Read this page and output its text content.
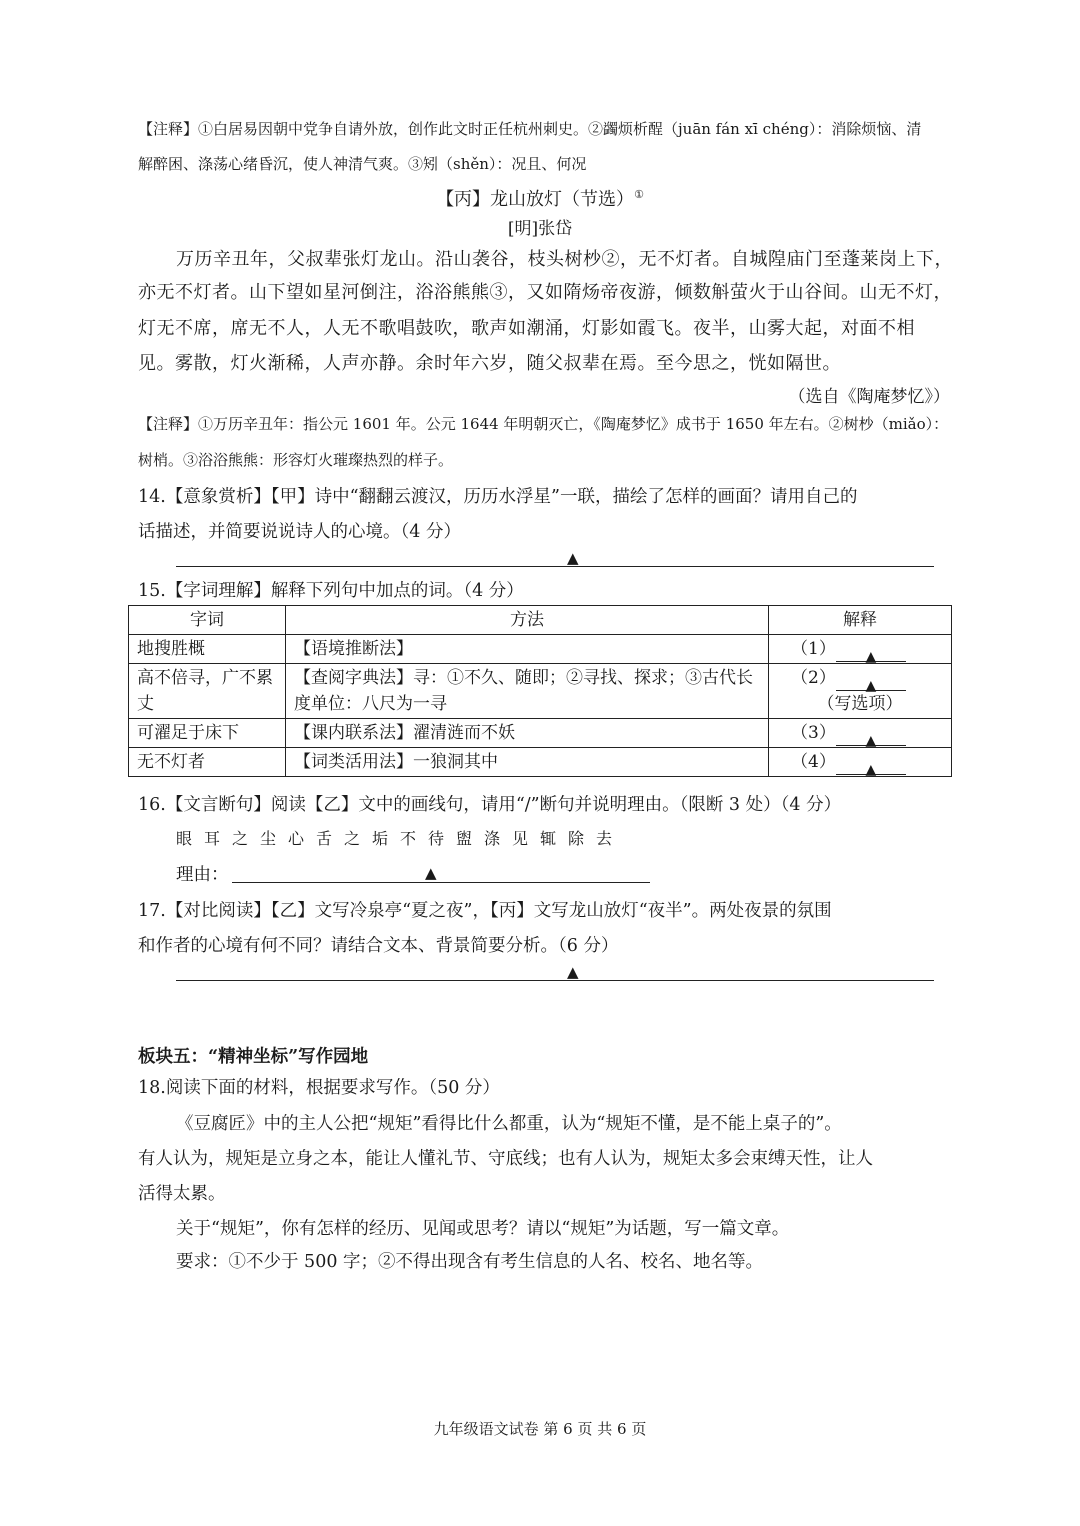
【注释】①白居易因朝中党争自请外放，创作此文时正任杭州刺史。②蠲烦析酲（juān fán xī chéng）：消除烦恼、清
解醉困、涤荡心绪昏沉，使人神清气爽。③矧（shěn）：况且、何况
【丙】龙山放灯（节选）①
[明]张岱
万历辛丑年，父叔辈张灯龙山。沿山袭谷，枝头树杪②，无不灯者。自城隍庙门至蓬莱岗上下，
亦无不灯者。山下望如星河倒注，浴浴熊熊③，又如隋炀帝夜游，倾数斛萤火于山谷间。山无不灯，
灯无不席，席无不人，人无不歌唱鼓吹，歌声如潮涌，灯影如霞飞。夜半，山雾大起，对面不相
见。雾散，灯火渐稀，人声亦静。余时年六岁，随父叔辈在焉。至今思之，恍如隔世。
（选自《陶庵梦忆》）
【注释】①万历辛丑年：指公元 1601 年。公元 1644 年明朝灭亡，《陶庵梦忆》成书于 1650 年左右。②树杪（miǎo）：
树梢。③浴浴熊熊：形容灯火璀璨热烈的样子。
14.【意象赏析】【甲】诗中“翻翻云渡汉，历历水浮星”一联，描绘了怎样的画面？请用自己的
话描述，并简要说说诗人的心境。（4 分）
▲
15.【字词理解】解释下列句中加点的词。（4 分）
字词	方法	解释
地搜胜概	【语境推断法】	（1） ▲
高不倍寻，广不累丈	【查阅字典法】寻：①不久、随即；②寻找、探求；③古代长度单位：八尺为一寻	（2） ▲
（写选项）

可濯足于床下	【课内联系法】濯清涟而不妖	（3） ▲
无不灯者	【词类活用法】一狼洞其中	（4） ▲
16.【文言断句】阅读【乙】文中的画线句，请用“/”断句并说明理由。（限断 3 处）（4 分）
眼耳之尘心舌之垢不待盥涤见辄除去
理由：	▲
17.【对比阅读】【乙】文写冷泉亭“夏之夜”，【丙】文写龙山放灯“夜半”。两处夜景的氛围
和作者的心境有何不同？请结合文本、背景简要分析。（6 分）
▲
板块五：“精神坐标”写作园地
18.阅读下面的材料，根据要求写作。（50 分）
《豆腐匠》中的主人公把“规矩”看得比什么都重，认为“规矩不懂，是不能上桌子的”。
有人认为，规矩是立身之本，能让人懂礼节、守底线；也有人认为，规矩太多会束缚天性，让人
活得太累。
关于“规矩”，你有怎样的经历、见闻或思考？请以“规矩”为话题，写一篇文章。
要求：①不少于 500 字；②不得出现含有考生信息的人名、校名、地名等。
九年级语文试卷 第 6 页 共 6 页
